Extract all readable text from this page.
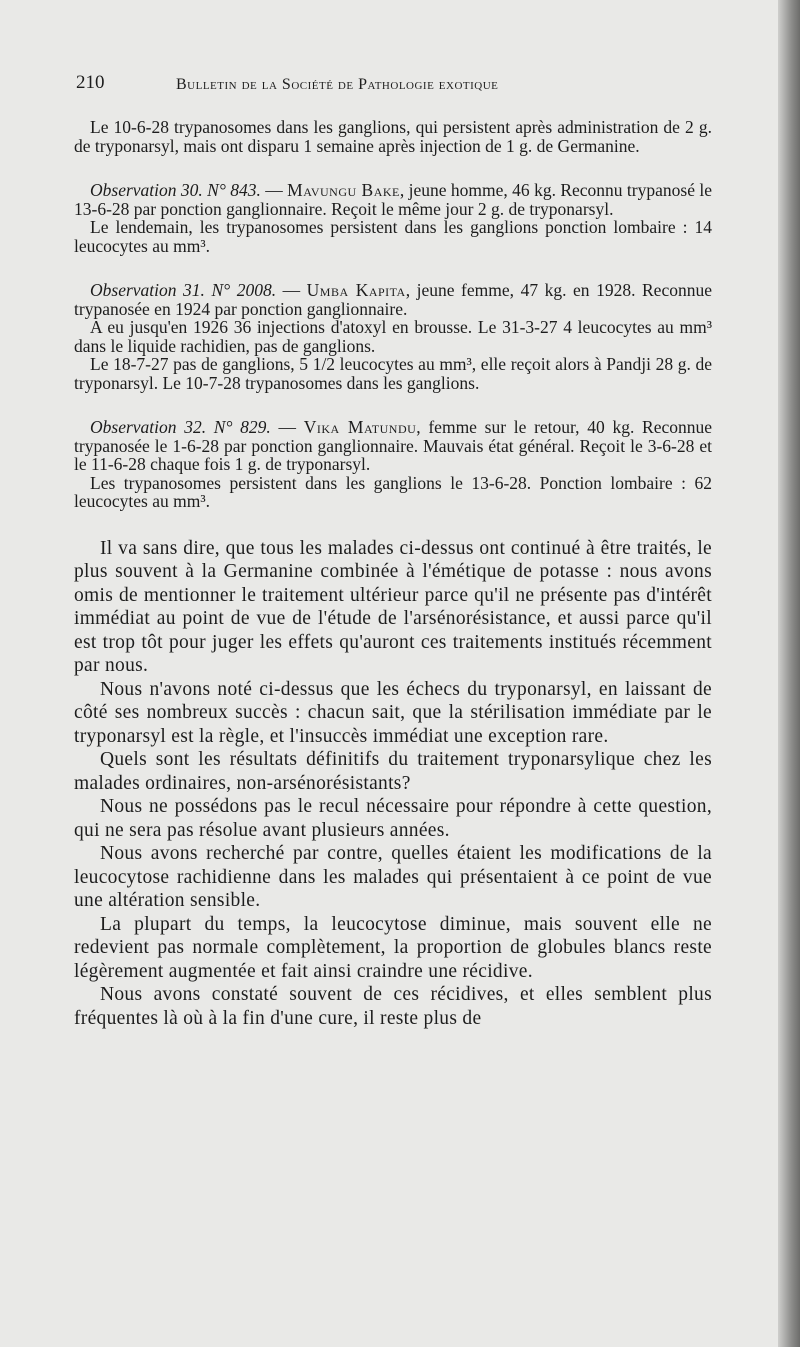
210	Bulletin de la Société de Pathologie exotique

Le 10-6-28 trypanosomes dans les ganglions, qui persistent après administration de 2 g. de tryponarsyl, mais ont disparu 1 semaine après injection de 1 g. de Germanine.

Observation 30. N° 843. — Mavungu Bake, jeune homme, 46 kg. Reconnu trypanosé le 13-6-28 par ponction ganglionnaire. Reçoit le même jour 2 g. de tryponarsyl.

Le lendemain, les trypanosomes persistent dans les ganglions ponction lombaire : 14 leucocytes au mm³.

Observation 31. N° 2008. — Umba Kapita, jeune femme, 47 kg. en 1928. Reconnue trypanosée en 1924 par ponction ganglionnaire.

A eu jusqu'en 1926 36 injections d'atoxyl en brousse. Le 31-3-27 4 leucocytes au mm³ dans le liquide rachidien, pas de ganglions.

Le 18-7-27 pas de ganglions, 5 1/2 leucocytes au mm³, elle reçoit alors à Pandji 28 g. de tryponarsyl. Le 10-7-28 trypanosomes dans les ganglions.

Observation 32. N° 829. — Vika Matundu, femme sur le retour, 40 kg. Reconnue trypanosée le 1-6-28 par ponction ganglionnaire. Mauvais état général. Reçoit le 3-6-28 et le 11-6-28 chaque fois 1 g. de tryponarsyl.

Les trypanosomes persistent dans les ganglions le 13-6-28. Ponction lombaire : 62 leucocytes au mm³.

Il va sans dire, que tous les malades ci-dessus ont continué à être traités, le plus souvent à la Germanine combinée à l'émétique de potasse : nous avons omis de mentionner le traitement ultérieur parce qu'il ne présente pas d'intérêt immédiat au point de vue de l'étude de l'arsénorésistance, et aussi parce qu'il est trop tôt pour juger les effets qu'auront ces traitements institués récemment par nous.

Nous n'avons noté ci-dessus que les échecs du tryponarsyl, en laissant de côté ses nombreux succès : chacun sait, que la stérilisation immédiate par le tryponarsyl est la règle, et l'insuccès immédiat une exception rare.

Quels sont les résultats définitifs du traitement tryponarsylique chez les malades ordinaires, non-arsénorésistants?

Nous ne possédons pas le recul nécessaire pour répondre à cette question, qui ne sera pas résolue avant plusieurs années.

Nous avons recherché par contre, quelles étaient les modifications de la leucocytose rachidienne dans les malades qui présentaient à ce point de vue une altération sensible.

La plupart du temps, la leucocytose diminue, mais souvent elle ne redevient pas normale complètement, la proportion de globules blancs reste légèrement augmentée et fait ainsi craindre une récidive.

Nous avons constaté souvent de ces récidives, et elles semblent plus fréquentes là où à la fin d'une cure, il reste plus de
